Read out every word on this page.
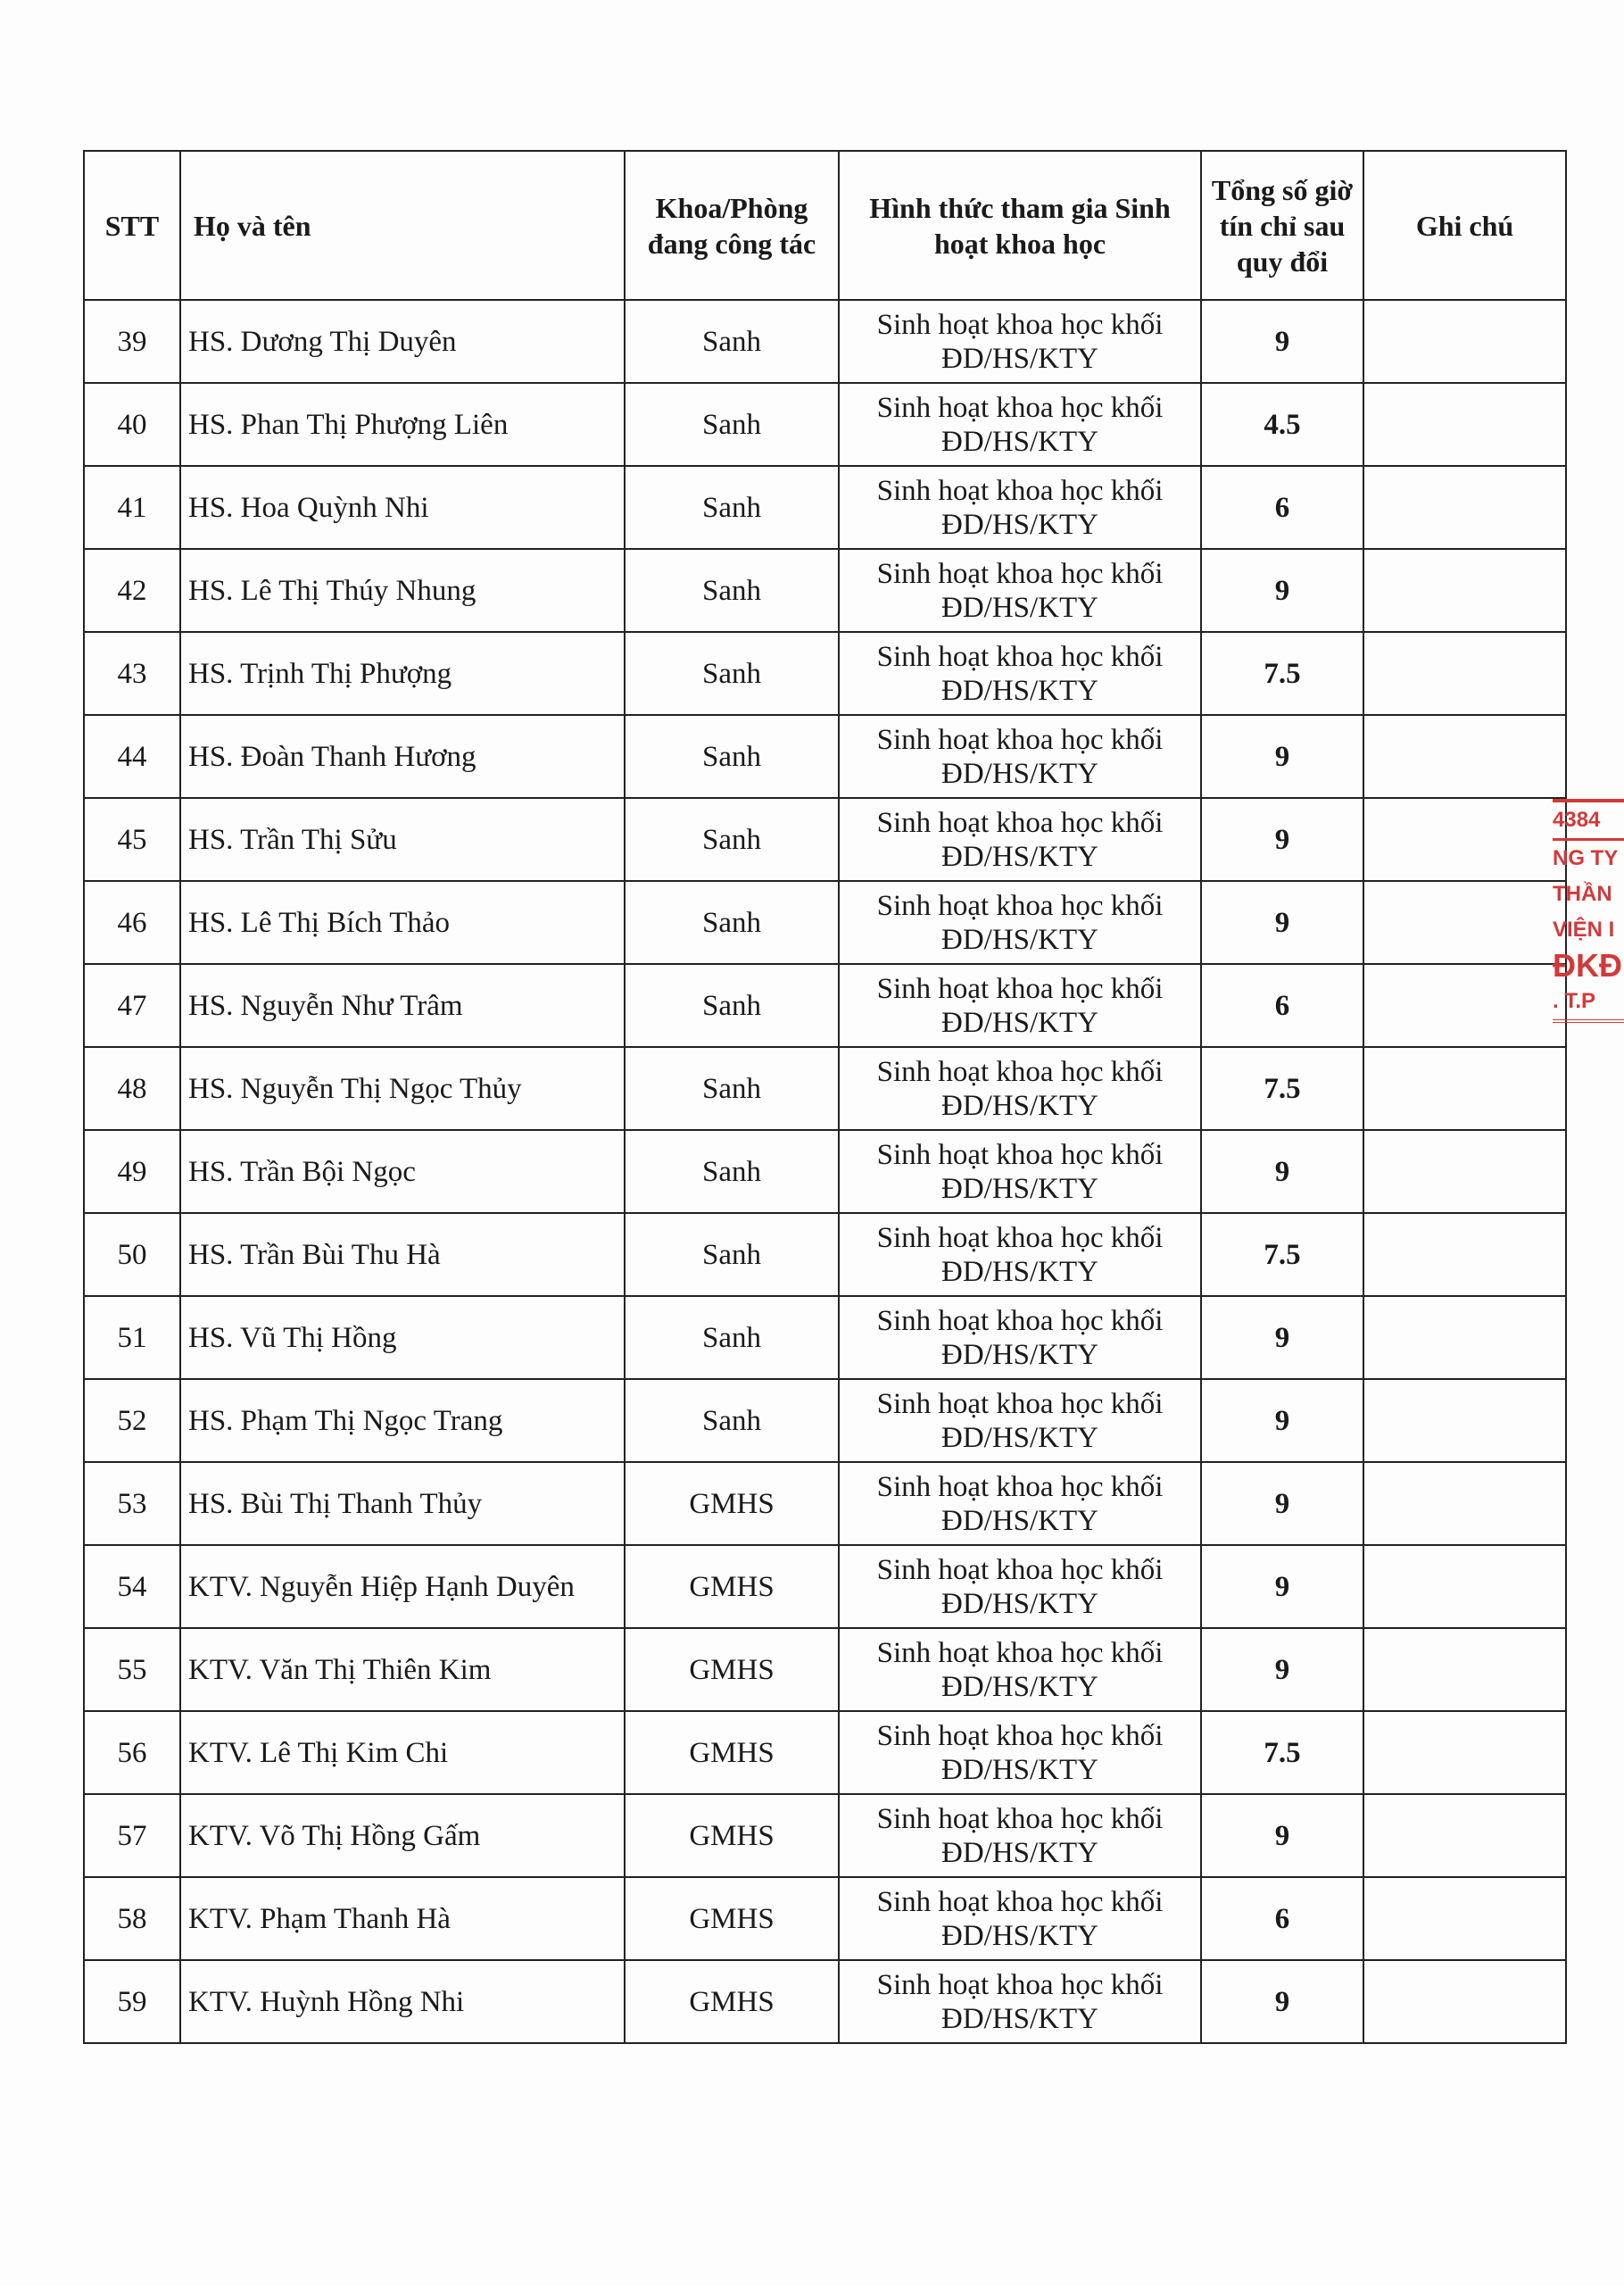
STT	Họ và tên	Khoa/Phòng đang công tác	Hình thức tham gia Sinh hoạt khoa học	Tổng số giờ tín chỉ sau quy đổi	Ghi chú
39	HS. Dương Thị Duyên	Sanh	Sinh hoạt khoa học khối ĐD/HS/KTY	9	
40	HS. Phan Thị Phượng Liên	Sanh	Sinh hoạt khoa học khối ĐD/HS/KTY	4.5	
41	HS. Hoa Quỳnh Nhi	Sanh	Sinh hoạt khoa học khối ĐD/HS/KTY	6	
42	HS. Lê Thị Thúy Nhung	Sanh	Sinh hoạt khoa học khối ĐD/HS/KTY	9	
43	HS. Trịnh Thị Phượng	Sanh	Sinh hoạt khoa học khối ĐD/HS/KTY	7.5	
44	HS. Đoàn Thanh Hương	Sanh	Sinh hoạt khoa học khối ĐD/HS/KTY	9	
45	HS. Trần Thị Sửu	Sanh	Sinh hoạt khoa học khối ĐD/HS/KTY	9	
46	HS. Lê Thị Bích Thảo	Sanh	Sinh hoạt khoa học khối ĐD/HS/KTY	9	
47	HS. Nguyễn Như Trâm	Sanh	Sinh hoạt khoa học khối ĐD/HS/KTY	6	
48	HS. Nguyễn Thị Ngọc Thủy	Sanh	Sinh hoạt khoa học khối ĐD/HS/KTY	7.5	
49	HS. Trần Bội Ngọc	Sanh	Sinh hoạt khoa học khối ĐD/HS/KTY	9	
50	HS. Trần Bùi Thu Hà	Sanh	Sinh hoạt khoa học khối ĐD/HS/KTY	7.5	
51	HS. Vũ Thị Hồng	Sanh	Sinh hoạt khoa học khối ĐD/HS/KTY	9	
52	HS. Phạm Thị Ngọc Trang	Sanh	Sinh hoạt khoa học khối ĐD/HS/KTY	9	
53	HS. Bùi Thị Thanh Thủy	GMHS	Sinh hoạt khoa học khối ĐD/HS/KTY	9	
54	KTV. Nguyễn Hiệp Hạnh Duyên	GMHS	Sinh hoạt khoa học khối ĐD/HS/KTY	9	
55	KTV. Văn Thị Thiên Kim	GMHS	Sinh hoạt khoa học khối ĐD/HS/KTY	9	
56	KTV. Lê Thị Kim Chi	GMHS	Sinh hoạt khoa học khối ĐD/HS/KTY	7.5	
57	KTV. Võ Thị Hồng Gấm	GMHS	Sinh hoạt khoa học khối ĐD/HS/KTY	9	
58	KTV. Phạm Thanh Hà	GMHS	Sinh hoạt khoa học khối ĐD/HS/KTY	6	
59	KTV. Huỳnh Hồng Nhi	GMHS	Sinh hoạt khoa học khối ĐD/HS/KTY	9	
4384
NG TY
THẦN
VIỆN I
ĐKĐ
. T.P
